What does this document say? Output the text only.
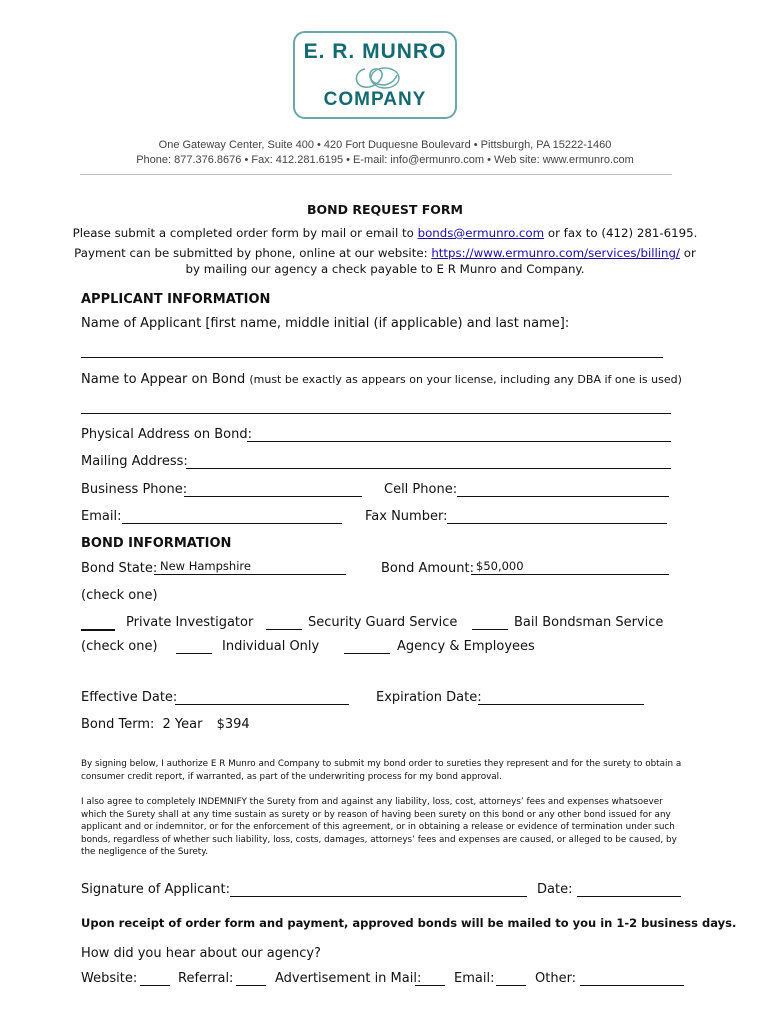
E. R. MUNRO
COMPANY
One Gateway Center, Suite 400 • 420 Fort Duquesne Boulevard • Pittsburgh, PA 15222-1460
Phone: 877.376.8676 • Fax: 412.281.6195 • E-mail: info@ermunro.com • Web site: www.ermunro.com
BOND REQUEST FORM
Please submit a completed order form by mail or email to bonds@ermunro.com or fax to (412) 281-6195.
Payment can be submitted by phone, online at our website: https://www.ermunro.com/services/billing/ or
by mailing our agency a check payable to E R Munro and Company.
APPLICANT INFORMATION
Name of Applicant [first name, middle initial (if applicable) and last name]:
Name to Appear on Bond (must be exactly as appears on your license, including any DBA if one is used)
Physical Address on Bond:
Mailing Address:
Business Phone:	Cell Phone:
Email:	Fax Number:
BOND INFORMATION
Bond State: New Hampshire	Bond Amount: $50,000
(check one)
Private Investigator	Security Guard Service	Bail Bondsman Service
(check one)	Individual Only	Agency & Employees
Effective Date:	Expiration Date:
Bond Term: 2 Year $394
By signing below, I authorize E R Munro and Company to submit my bond order to sureties they represent and for the surety to obtain a consumer credit report, if warranted, as part of the underwriting process for my bond approval.
I also agree to completely INDEMNIFY the Surety from and against any liability, loss, cost, attorneys’ fees and expenses whatsoever which the Surety shall at any time sustain as surety or by reason of having been surety on this bond or any other bond issued for any applicant and or indemnitor, or for the enforcement of this agreement, or in obtaining a release or evidence of termination under such bonds, regardless of whether such liability, loss, costs, damages, attorneys’ fees and expenses are caused, or alleged to be caused, by the negligence of the Surety.
Signature of Applicant:	Date:
Upon receipt of order form and payment, approved bonds will be mailed to you in 1-2 business days.
How did you hear about our agency?
Website:	Referral:	Advertisement in Mail:	Email:	Other:
